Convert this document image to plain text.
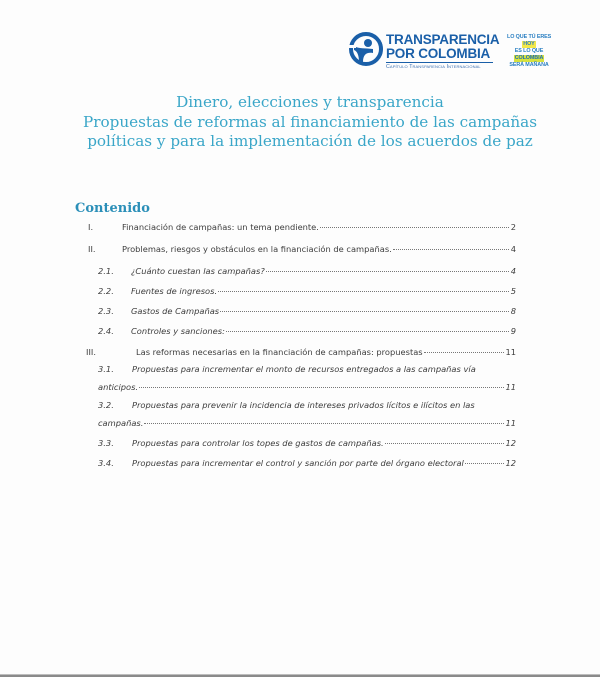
TRANSPARENCIA
POR COLOMBIA
Capítulo Transparencia Internacional
LO QUE TÚ ERES
HOY
ES LO QUE
COLOMBIA
SERÁ MAÑANA
Dinero, elecciones y transparencia
Propuestas de reformas al financiamiento de las campañas
políticas y para la implementación de los acuerdos de paz
Contenido
I.	Financiación de campañas: un tema pendiente.	2
II.	Problemas, riesgos y obstáculos en la financiación de campañas.	4
2.1.	¿Cuánto cuestan las campañas?	4
2.2.	Fuentes de ingresos.	5
2.3.	Gastos de Campañas	8
2.4.	Controles y sanciones:	9
III.	Las reformas necesarias en la financiación de campañas: propuestas	11
3.1.	Propuestas para incrementar el monto de recursos entregados a las campañas vía
anticipos.	11
3.2.	Propuestas para prevenir la incidencia de intereses privados lícitos e ilícitos en las
campañas.	11
3.3.	Propuestas para controlar los topes de gastos de campañas.	12
3.4.	Propuestas para incrementar el control y sanción por parte del órgano electoral	12
